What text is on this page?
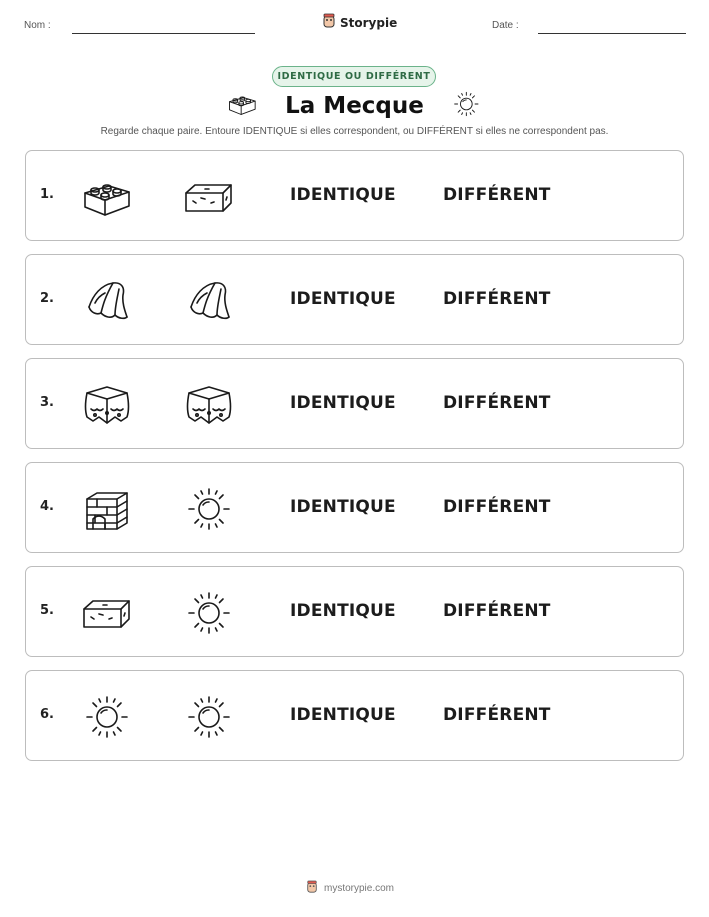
Nom :	Storypie	Date :
IDENTIQUE OU DIFFÉRENT
La Mecque
Regarde chaque paire. Entoure IDENTIQUE si elles correspondent, ou DIFFÉRENT si elles ne correspondent pas.
1.	IDENTIQUE	DIFFÉRENT
2.	IDENTIQUE	DIFFÉRENT
3.	IDENTIQUE	DIFFÉRENT
4.	IDENTIQUE	DIFFÉRENT
5.	IDENTIQUE	DIFFÉRENT
6.	IDENTIQUE	DIFFÉRENT
mystorypie.com
